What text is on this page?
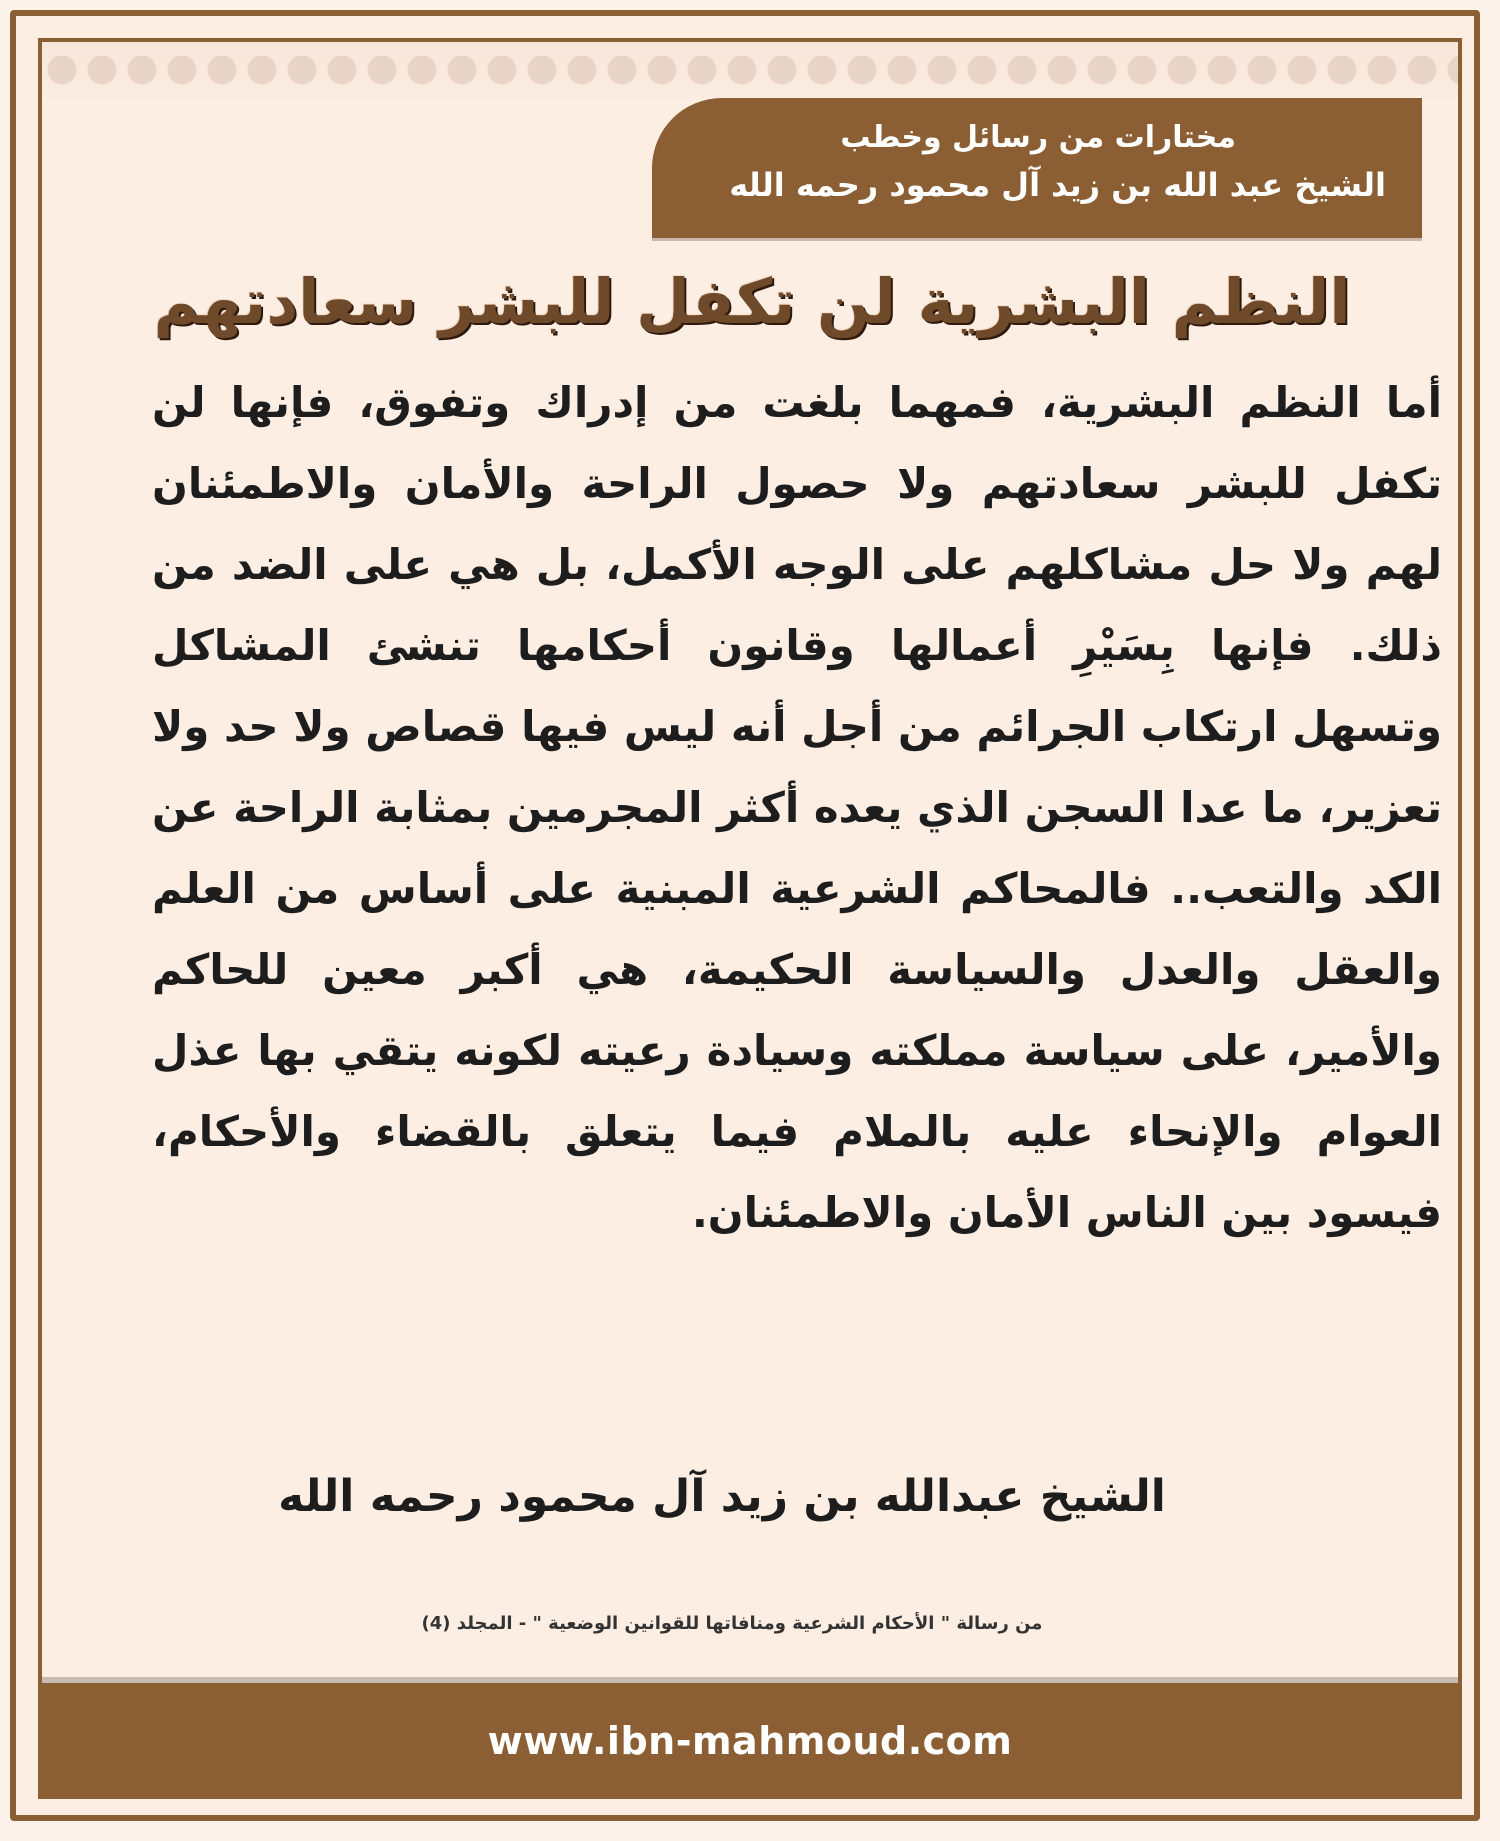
مختارات من رسائل وخطب
الشيخ عبد الله بن زيد آل محمود رحمه الله
النظم البشرية لن تكفل للبشر سعادتهم

أما النظم البشرية، فمهما بلغت من إدراك وتفوق، فإنها لن تكفل للبشر سعادتهم ولا حصول الراحة والأمان والاطمئنان لهم ولا حل مشاكلهم على الوجه الأكمل، بل هي على الضد من ذلك. فإنها بِسَيْرِ أعمالها وقانون أحكامها تنشئ المشاكل وتسهل ارتكاب الجرائم من أجل أنه ليس فيها قصاص ولا حد ولا تعزير، ما عدا السجن الذي يعده أكثر المجرمين بمثابة الراحة عن الكد والتعب.. فالمحاكم الشرعية المبنية على أساس من العلم والعقل والعدل والسياسة الحكيمة، هي أكبر معين للحاكم والأمير، على سياسة مملكته وسيادة رعيته لكونه يتقي بها عذل العوام والإنحاء عليه بالملام فيما يتعلق بالقضاء والأحكام، فيسود بين الناس الأمان والاطمئنان.

الشيخ عبدالله بن زيد آل محمود رحمه الله
من رسالة " الأحكام الشرعية ومنافاتها للقوانين الوضعية " - المجلد (4)
www.ibn-mahmoud.com
